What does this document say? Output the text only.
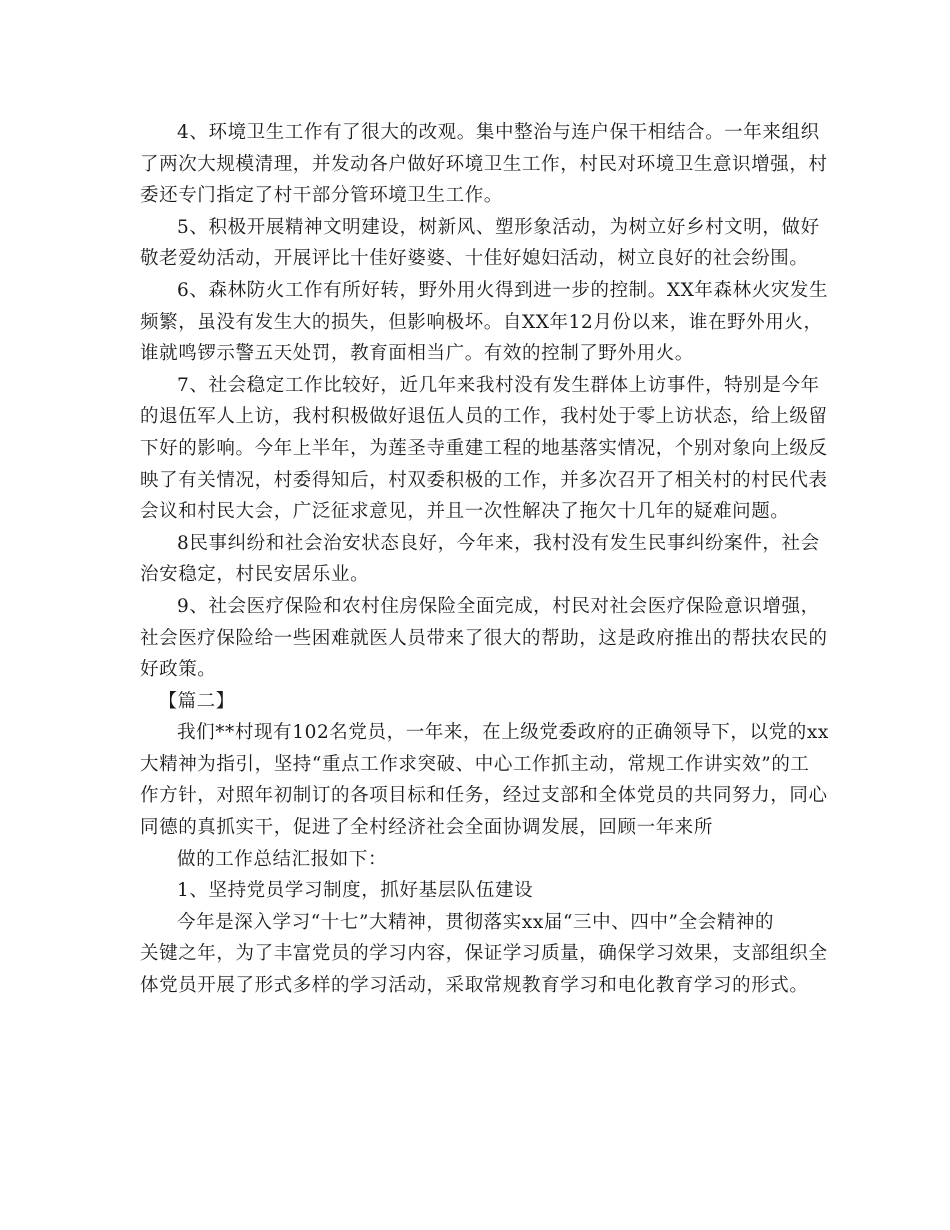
4、环境卫生工作有了很大的改观。集中整治与连户保干相结合。一年来组织

了两次大规模清理，并发动各户做好环境卫生工作，村民对环境卫生意识增强，村

委还专门指定了村干部分管环境卫生工作。

5、积极开展精神文明建设，树新风、塑形象活动，为树立好乡村文明，做好

敬老爱幼活动，开展评比十佳好婆婆、十佳好媳妇活动，树立良好的社会纷围。

6、森林防火工作有所好转，野外用火得到进一步的控制。XX年森林火灾发生

频繁，虽没有发生大的损失，但影响极坏。自XX年12月份以来，谁在野外用火，

谁就鸣锣示警五天处罚，教育面相当广。有效的控制了野外用火。

7、社会稳定工作比较好，近几年来我村没有发生群体上访事件，特别是今年

的退伍军人上访，我村积极做好退伍人员的工作，我村处于零上访状态，给上级留

下好的影响。今年上半年，为莲圣寺重建工程的地基落实情况，个别对象向上级反

映了有关情况，村委得知后，村双委积极的工作，并多次召开了相关村的村民代表

会议和村民大会，广泛征求意见，并且一次性解决了拖欠十几年的疑难问题。

8民事纠纷和社会治安状态良好，今年来，我村没有发生民事纠纷案件，社会

治安稳定，村民安居乐业。

9、社会医疗保险和农村住房保险全面完成，村民对社会医疗保险意识增强，

社会医疗保险给一些困难就医人员带来了很大的帮助，这是政府推出的帮扶农民的

好政策。

【篇二】

我们**村现有102名党员，一年来，在上级党委政府的正确领导下，以党的xx

大精神为指引，坚持“重点工作求突破、中心工作抓主动，常规工作讲实效”的工

作方针，对照年初制订的各项目标和任务，经过支部和全体党员的共同努力，同心

同德的真抓实干，促进了全村经济社会全面协调发展，回顾一年来所

做的工作总结汇报如下：

1、坚持党员学习制度，抓好基层队伍建设

今年是深入学习“十七”大精神，贯彻落实xx届“三中、四中”全会精神的

关键之年，为了丰富党员的学习内容，保证学习质量，确保学习效果，支部组织全

体党员开展了形式多样的学习活动，采取常规教育学习和电化教育学习的形式。
